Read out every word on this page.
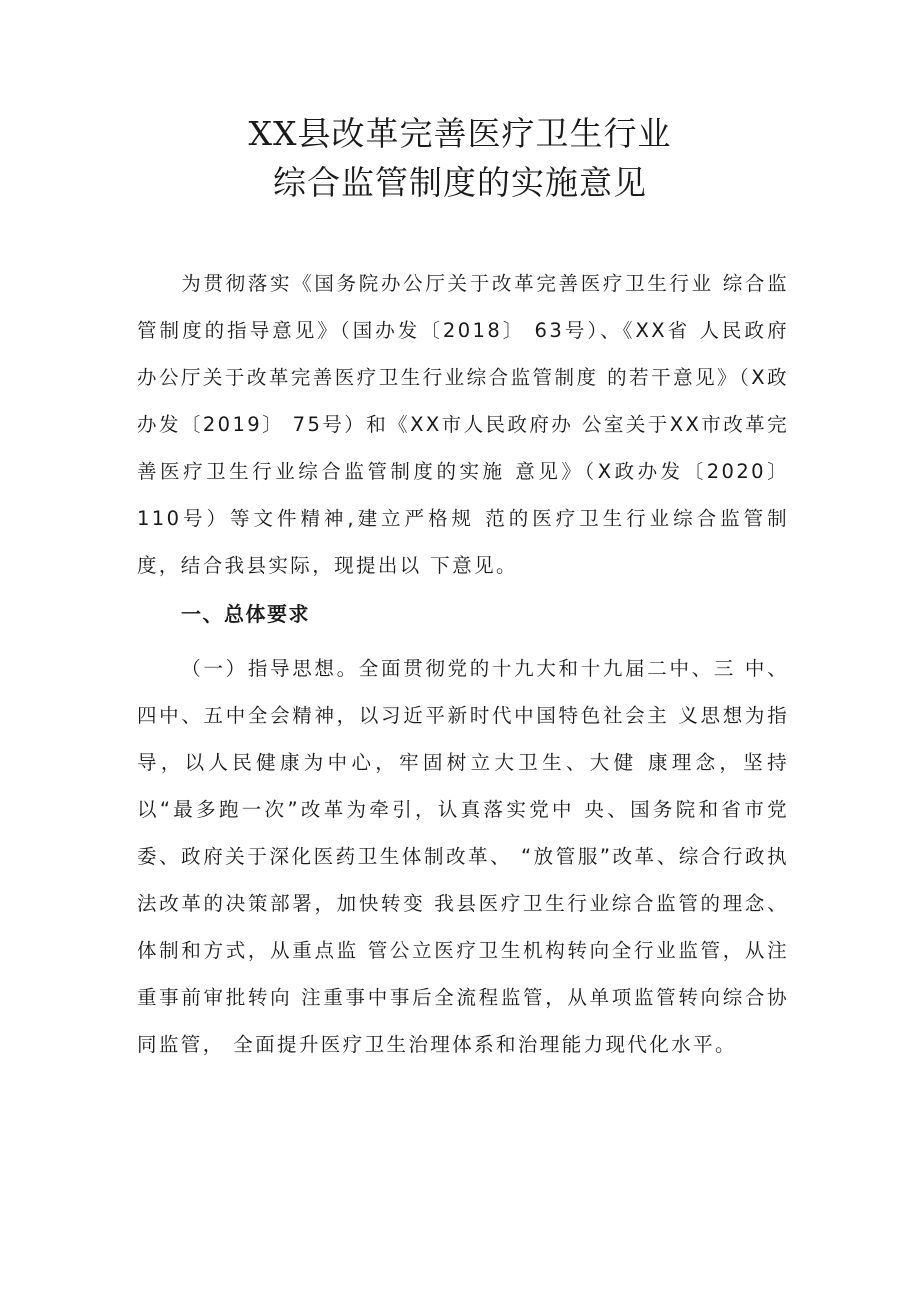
XX县改革完善医疗卫生行业
综合监管制度的实施意见

为贯彻落实《国务院办公厅关于改革完善医疗卫生行业 综合监管制度的指导意见》（国办发〔2018〕 63号）、《XX省 人民政府办公厅关于改革完善医疗卫生行业综合监管制度 的若干意见》（X政办发〔2019〕 75号）和《XX市人民政府办 公室关于XX市改革完善医疗卫生行业综合监管制度的实施 意见》（X政办发〔2020〕 110号）等文件精神,建立严格规 范的医疗卫生行业综合监管制度，结合我县实际，现提出以 下意见。

一、总体要求

（一）指导思想。全面贯彻党的十九大和十九届二中、三 中、四中、五中全会精神，以习近平新时代中国特色社会主 义思想为指导，以人民健康为中心，牢固树立大卫生、大健 康理念，坚持以“最多跑一次”改革为牵引，认真落实党中 央、国务院和省市党委、政府关于深化医药卫生体制改革、 “放管服”改革、综合行政执法改革的决策部署，加快转变 我县医疗卫生行业综合监管的理念、体制和方式，从重点监 管公立医疗卫生机构转向全行业监管，从注重事前审批转向 注重事中事后全流程监管，从单项监管转向综合协同监管， 全面提升医疗卫生治理体系和治理能力现代化水平。
